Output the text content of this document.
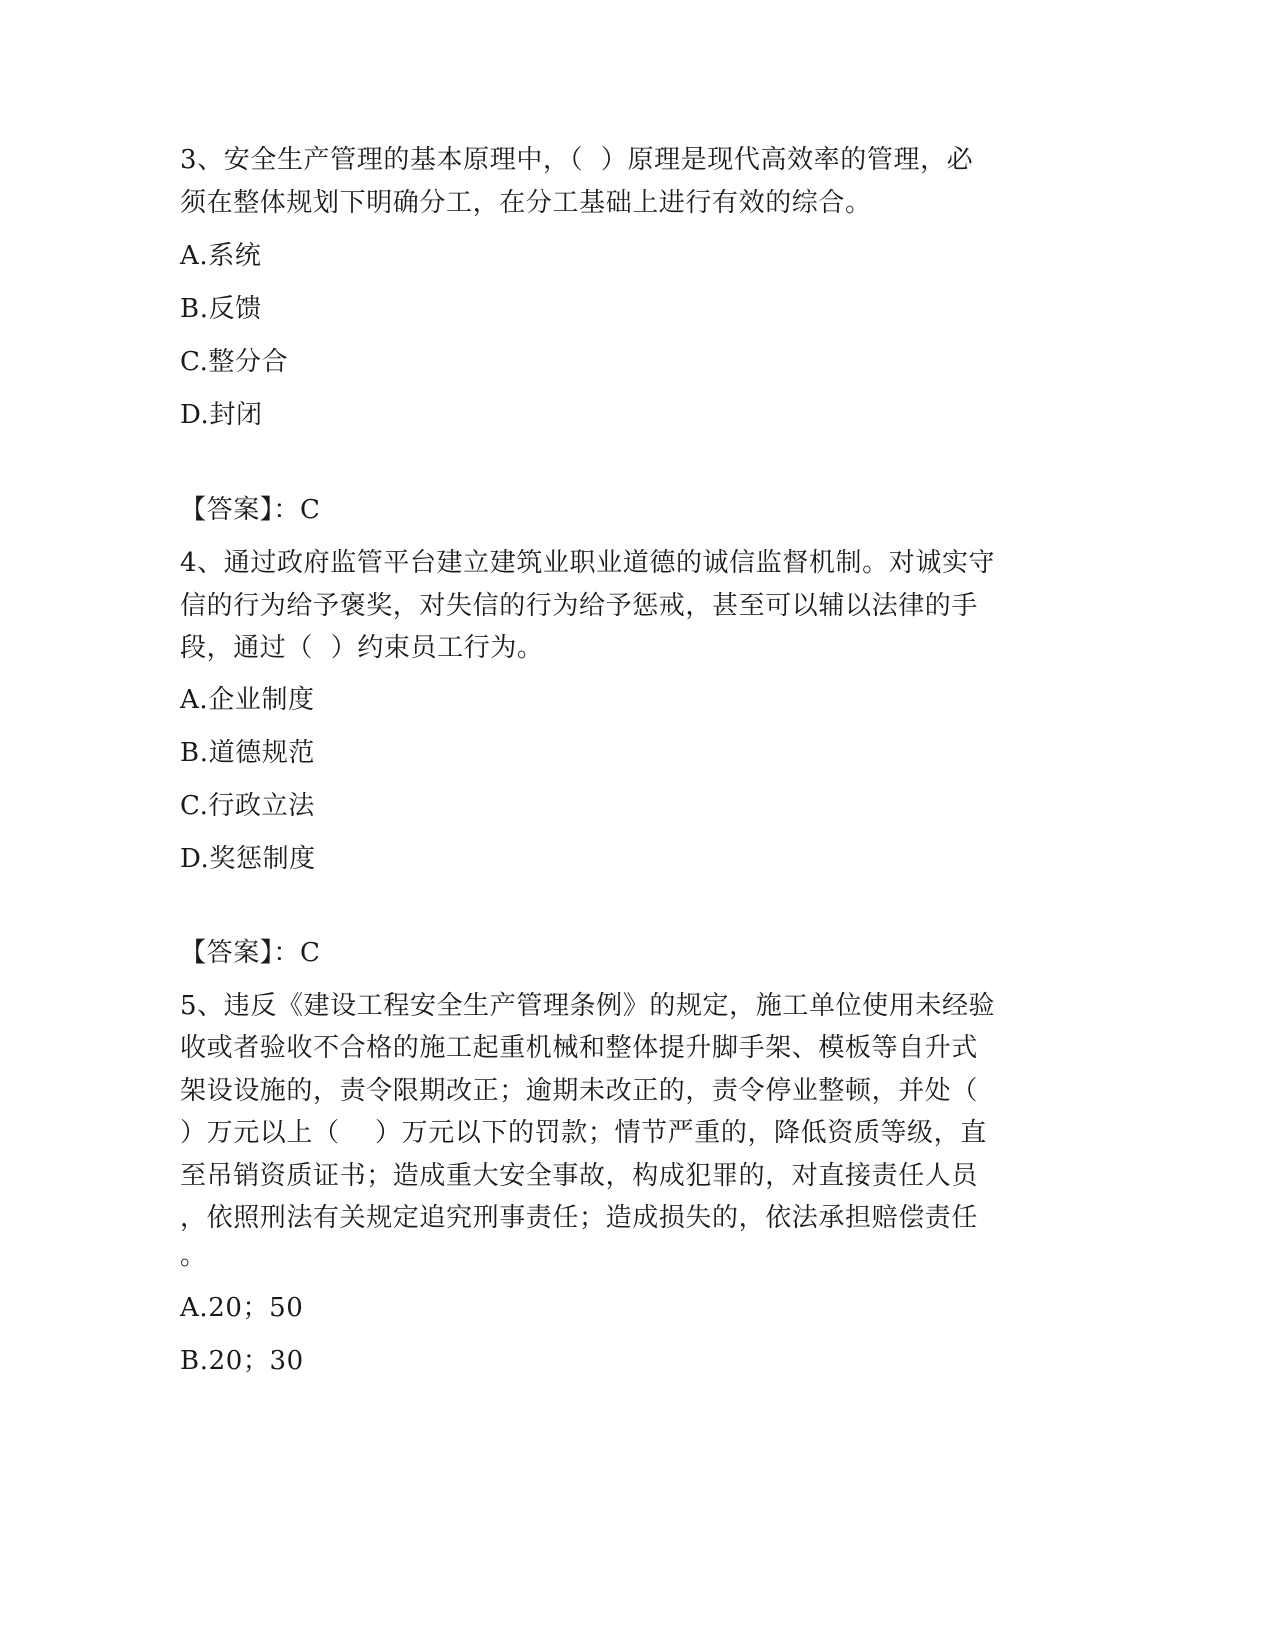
3、安全生产管理的基本原理中，（  ）原理是现代高效率的管理，必
须在整体规划下明确分工，在分工基础上进行有效的综合。
A.系统
B.反馈
C.整分合
D.封闭
【答案】：C
4、通过政府监管平台建立建筑业职业道德的诚信监督机制。对诚实守
信的行为给予褒奖，对失信的行为给予惩戒，甚至可以辅以法律的手
段，通过（  ）约束员工行为。
A.企业制度
B.道德规范
C.行政立法
D.奖惩制度
【答案】：C
5、违反《建设工程安全生产管理条例》的规定，施工单位使用未经验
收或者验收不合格的施工起重机械和整体提升脚手架、模板等自升式
架设设施的，责令限期改正；逾期未改正的，责令停业整顿，并处（
）万元以上（    ）万元以下的罚款；情节严重的，降低资质等级，直
至吊销资质证书；造成重大安全事故，构成犯罪的，对直接责任人员
，依照刑法有关规定追究刑事责任；造成损失的，依法承担赔偿责任
。
A.20；50
B.20；30
